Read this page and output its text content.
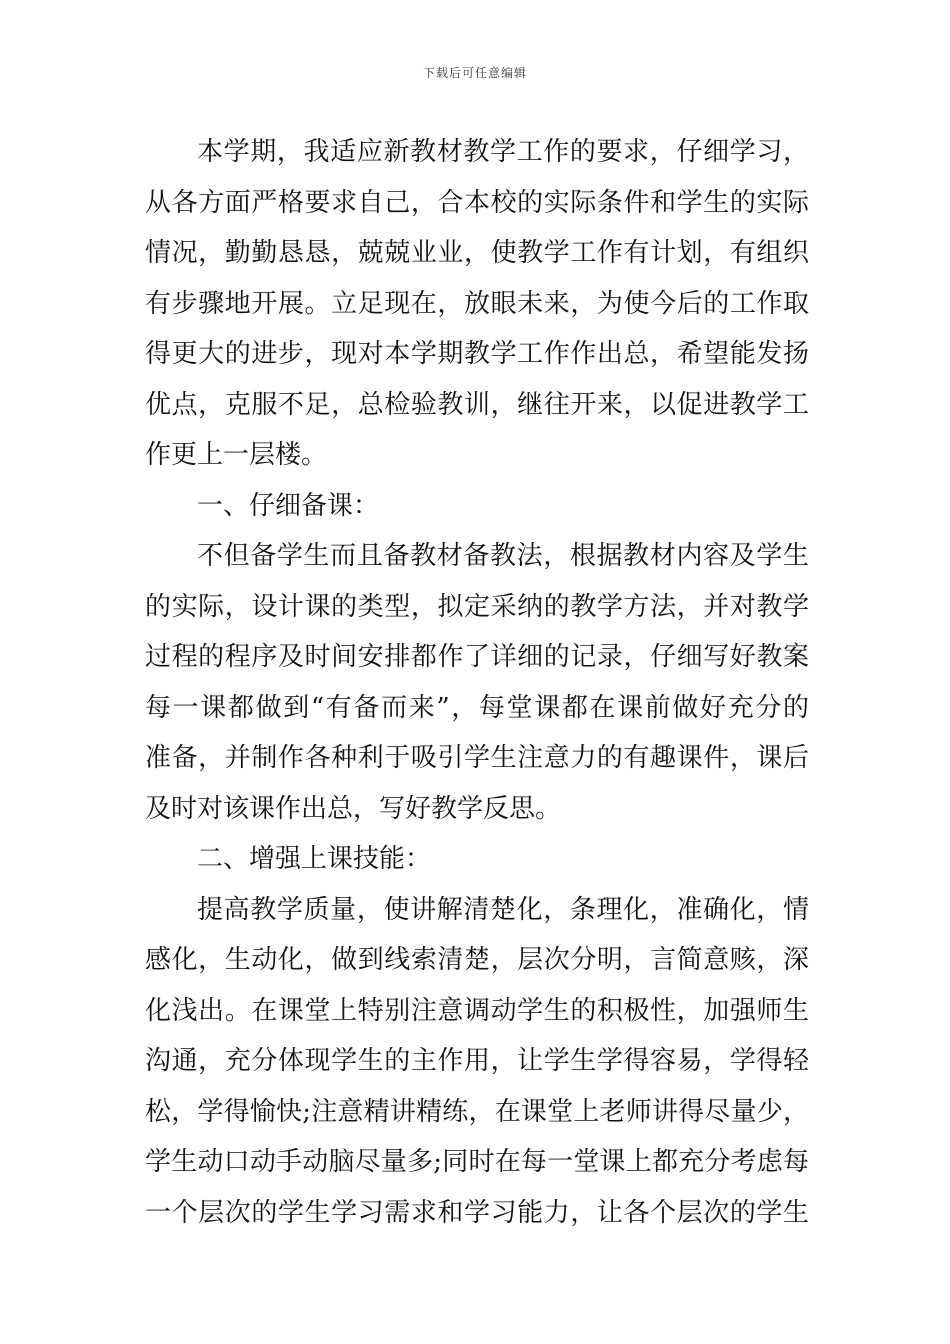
下载后可任意编辑
本学期，我适应新教材教学工作的要求，仔细学习，
从各方面严格要求自己，合本校的实际条件和学生的实际
情况，勤勤恳恳，兢兢业业，使教学工作有计划，有组织
有步骤地开展。立足现在，放眼未来，为使今后的工作取
得更大的进步，现对本学期教学工作作出总，希望能发扬
优点，克服不足，总检验教训，继往开来，以促进教学工
作更上一层楼。
一、仔细备课：
不但备学生而且备教材备教法，根据教材内容及学生
的实际，设计课的类型，拟定采纳的教学方法，并对教学
过程的程序及时间安排都作了详细的记录，仔细写好教案
每一课都做到“有备而来”，每堂课都在课前做好充分的
准备，并制作各种利于吸引学生注意力的有趣课件，课后
及时对该课作出总，写好教学反思。
二、增强上课技能：
提高教学质量，使讲解清楚化，条理化，准确化，情
感化，生动化，做到线索清楚，层次分明，言简意赅，深
化浅出。在课堂上特别注意调动学生的积极性，加强师生
沟通，充分体现学生的主作用，让学生学得容易，学得轻
松，学得愉快;注意精讲精练，在课堂上老师讲得尽量少，
学生动口动手动脑尽量多;同时在每一堂课上都充分考虑每
一个层次的学生学习需求和学习能力，让各个层次的学生
